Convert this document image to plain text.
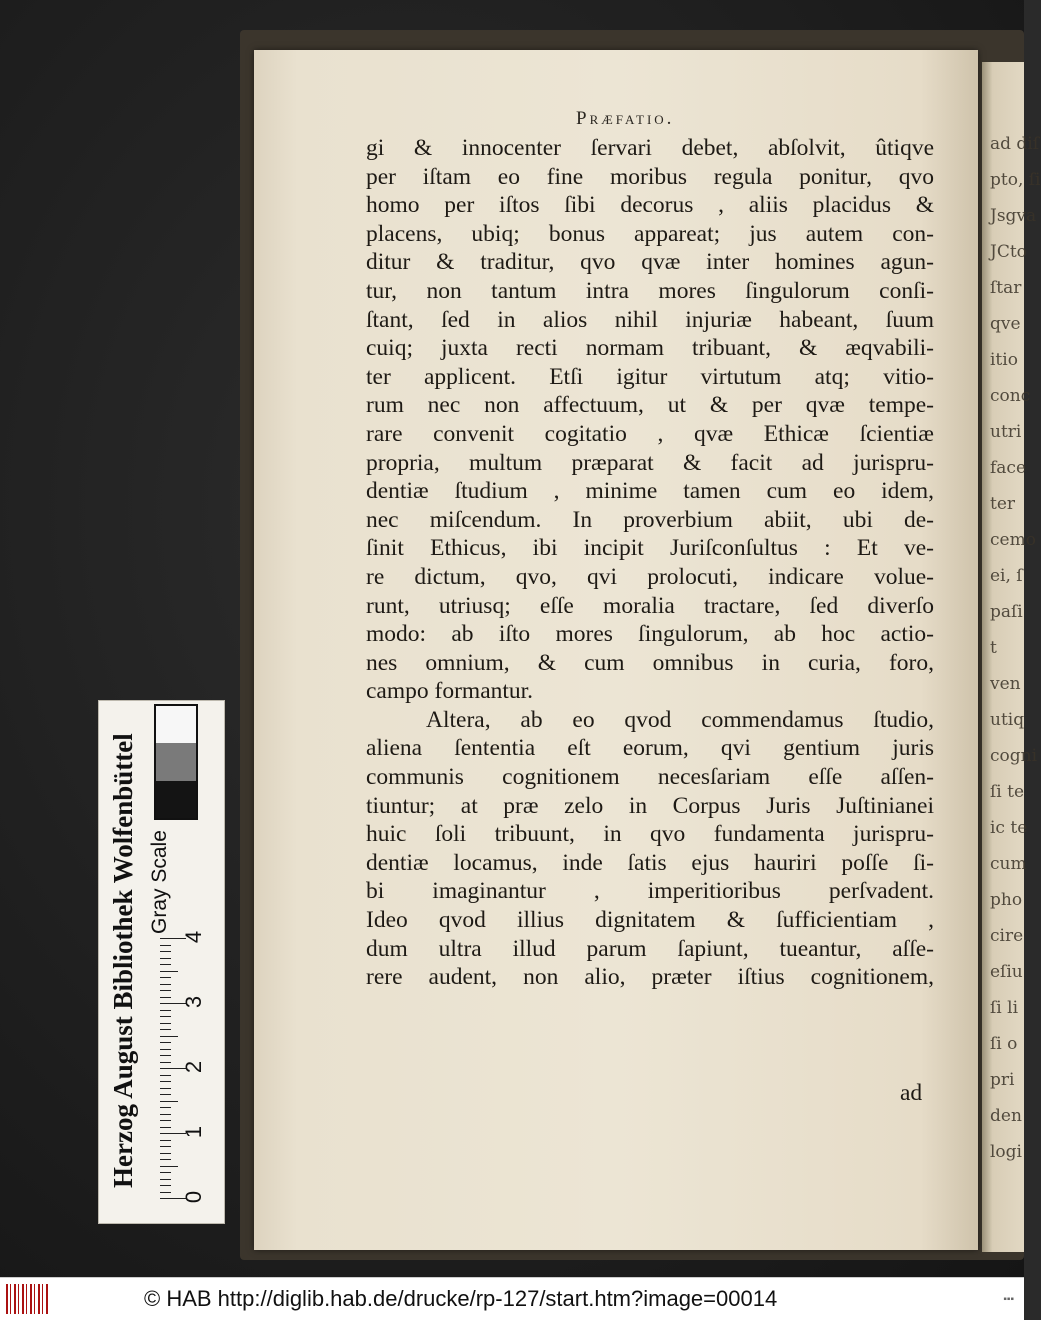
ad diſ
pto, ſi
Jsgva
JCto
ſtar
qve
itio
conc
utri
face
ter
cemo
ei, ſ
paſi
t
ven
utiq
cogni
ſi te
ic te
cum
pho
cire
eſiu
ſi li
ſi o
pri
den
logi
Præfatio.
gi & innocenter ſervari debet, abſolvit, ûtiqve
per iſtam eo fine moribus regula ponitur, qvo
homo per iſtos ſibi decorus , aliis placidus &
placens, ubiq; bonus appareat; jus autem con-
ditur & traditur, qvo qvæ inter homines agun-
tur, non tantum intra mores ſingulorum conſi-
ſtant, ſed in alios nihil injuriæ habeant, ſuum
cuiq; juxta recti normam tribuant, & æqvabili-
ter applicent. Etſi igitur virtutum atq; vitio-
rum nec non affectuum, ut & per qvæ tempe-
rare convenit cogitatio , qvæ Ethicæ ſcientiæ
propria, multum præparat & facit ad jurispru-
dentiæ ſtudium , minime tamen cum eo idem,
nec miſcendum. In proverbium abiit, ubi de-
ſinit Ethicus, ibi incipit Juriſconſultus : Et ve-
re dictum, qvo, qvi prolocuti, indicare volue-
runt, utriusq; eſſe moralia tractare, ſed diverſo
modo: ab iſto mores ſingulorum, ab hoc actio-
nes omnium, & cum omnibus in curia, foro,
campo formantur.
Altera, ab eo qvod commendamus ſtudio,
aliena ſententia eſt eorum, qvi gentium juris
communis cognitionem necesſariam eſſe aſſen-
tiuntur; at præ zelo in Corpus Juris Juſtinianei
huic ſoli tribuunt, in qvo fundamenta jurispru-
dentiæ locamus, inde ſatis ejus hauriri poſſe ſi-
bi imaginantur , imperitioribus perſvadent.
Ideo qvod illius dignitatem & ſufficientiam ,
dum ultra illud parum ſapiunt, tueantur, aſſe-
rere audent, non alio, præter iſtius cognitionem,
ad
Herzog August Bibliothek Wolfenbüttel Gray Scale
0
1
2
3
4
© HAB http://diglib.hab.de/drucke/rp-127/start.htm?image=00014	▪▪▪
